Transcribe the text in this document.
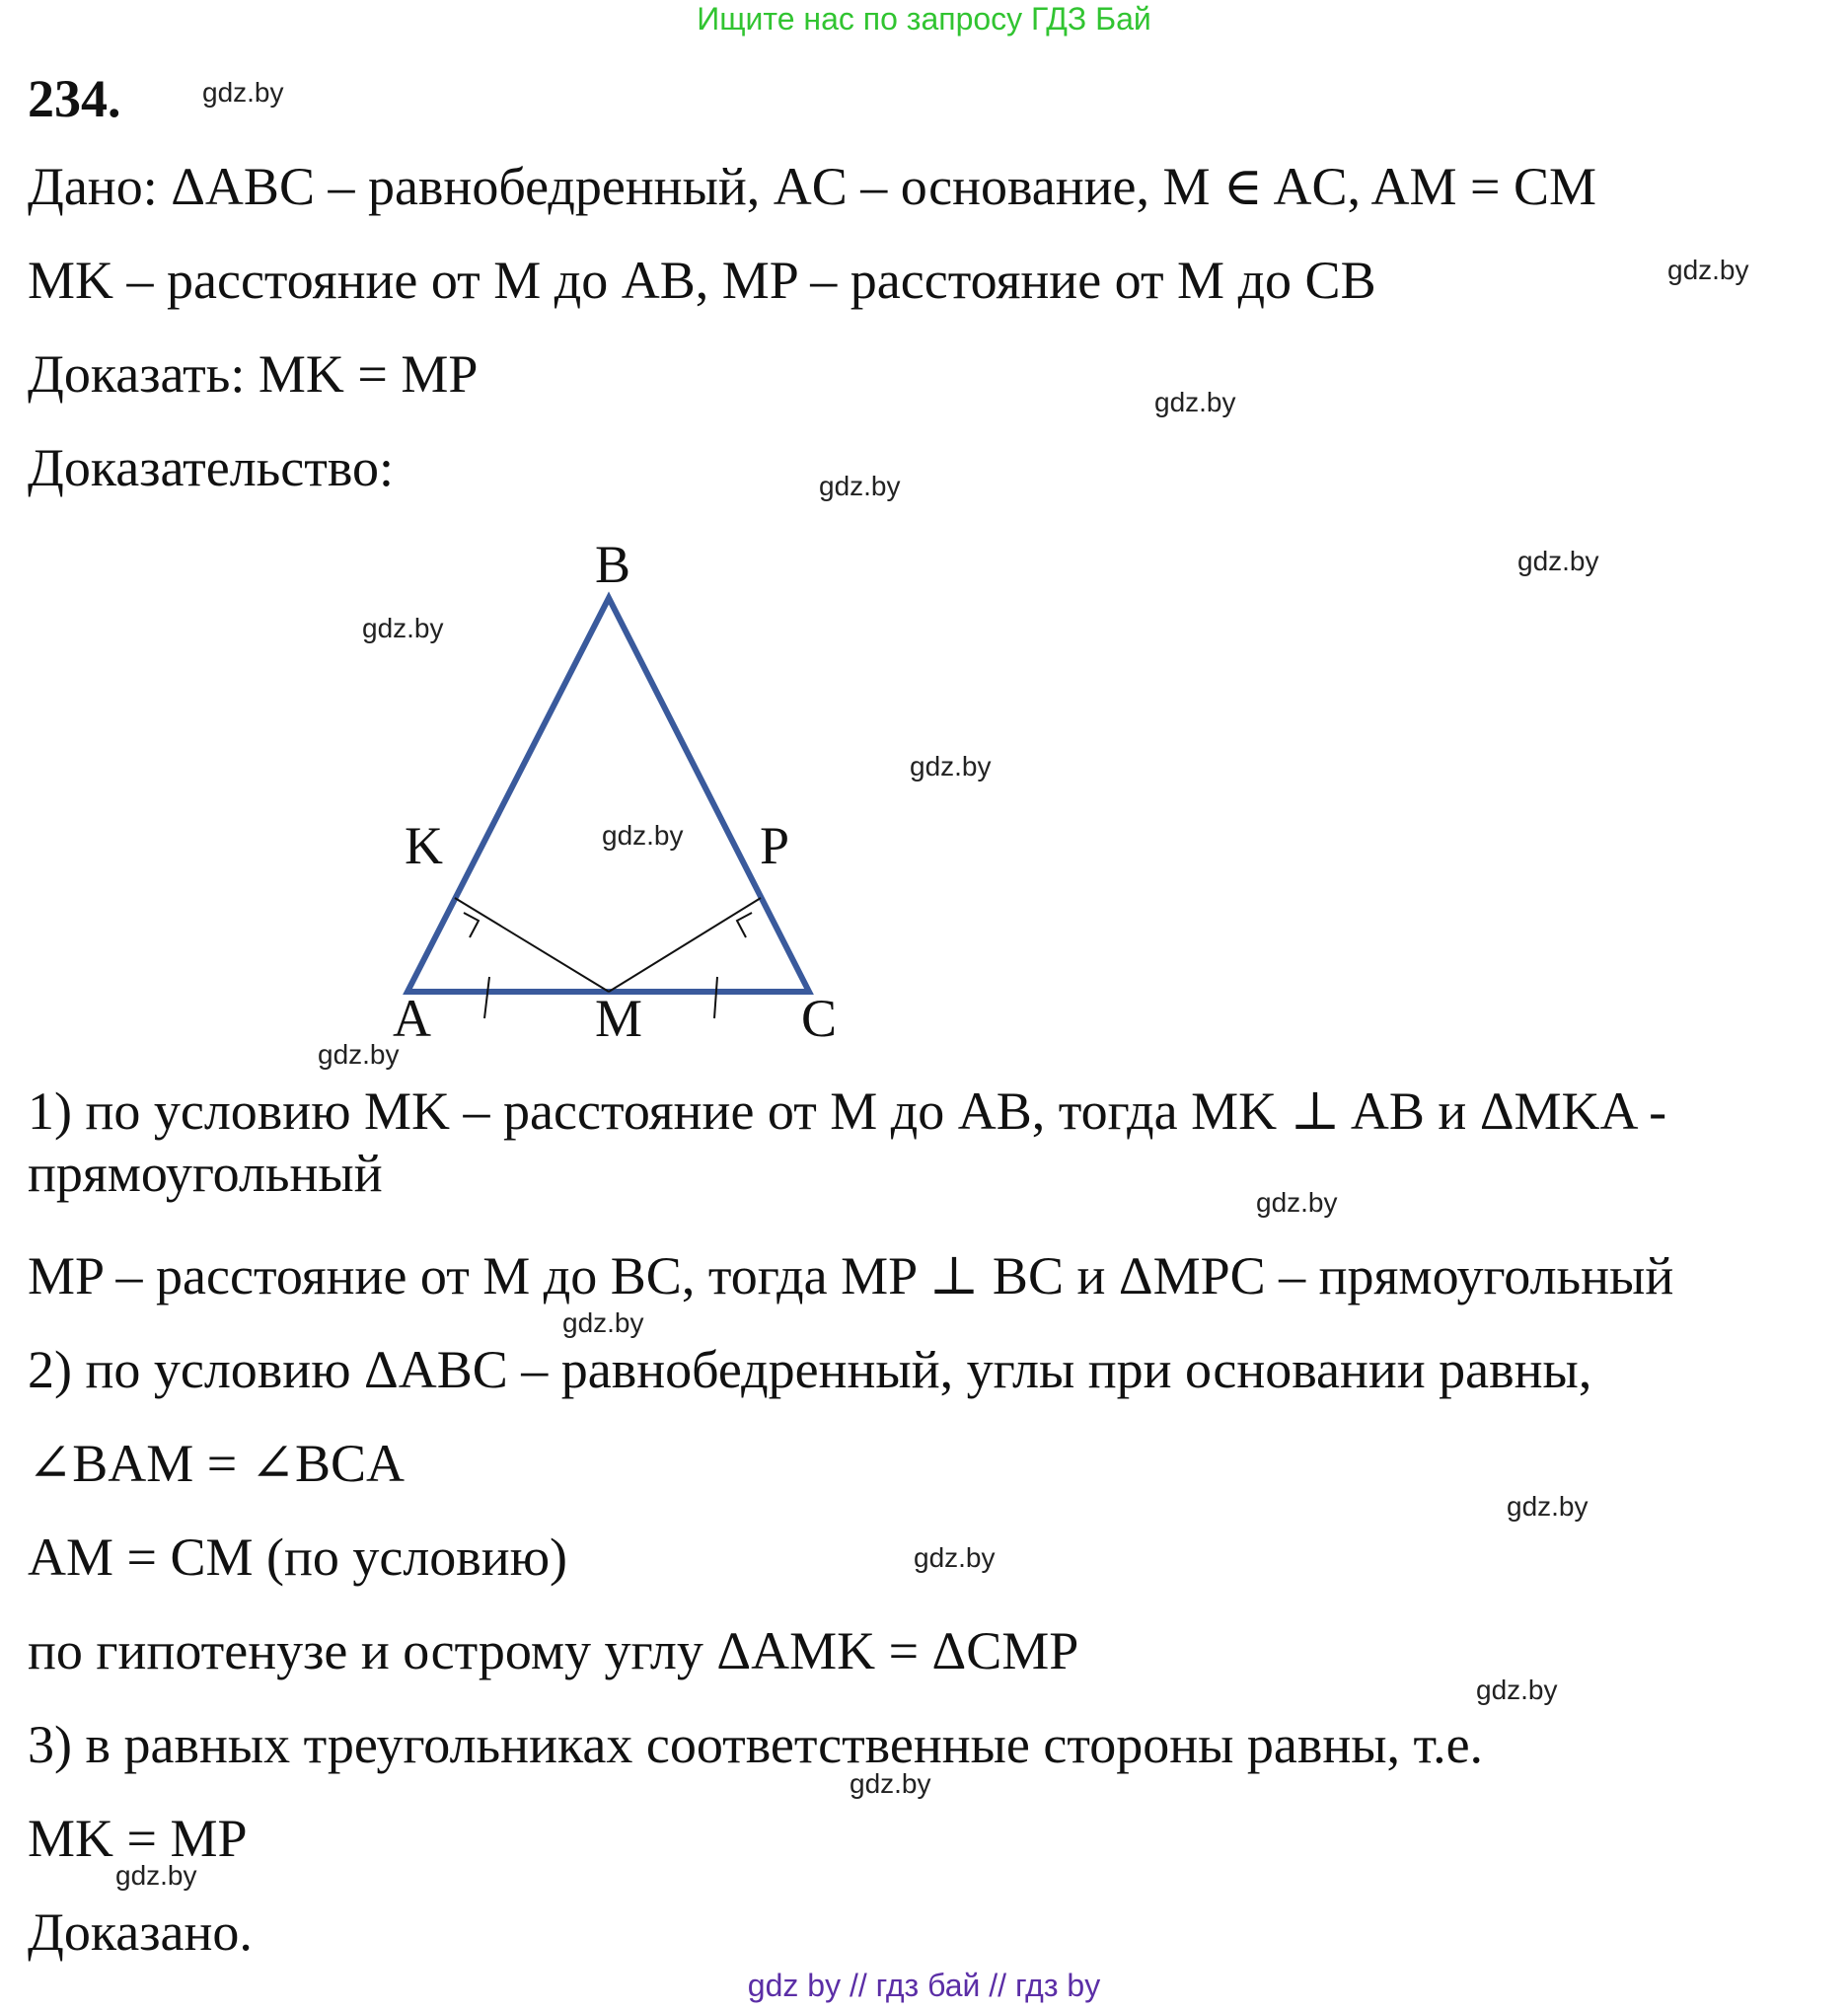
Ищите нас по запросу ГДЗ Бай
234.
Дано: ΔABC – равнобедренный, AC – основание, M ∈ AC, AM = CM
MK – расстояние от M до AB, MP – расстояние от M до CB
Доказать: MK = MP
Доказательство:
B
K	P
A	M	C
1) по условию MK – расстояние от M до AB, тогда MK ⊥ AB и ΔMKA -
прямоугольный
MP – расстояние от M до BC, тогда MP ⊥ BC и ΔMPC – прямоугольный
2) по условию ΔABC – равнобедренный, углы при основании равны,
∠BAM = ∠BCA
AM = CM (по условию)
по гипотенузе и острому углу ΔAMK = ΔCMP
3) в равных треугольниках соответственные стороны равны, т.е.
MK = MP
Доказано.
gdz.by
gdz.by
gdz.by
gdz.by
gdz.by
gdz.by
gdz.by
gdz.by
gdz.by
gdz.by
gdz.by
gdz.by
gdz.by
gdz.by
gdz.by
gdz.by
gdz by // гдз бай // гдз by
